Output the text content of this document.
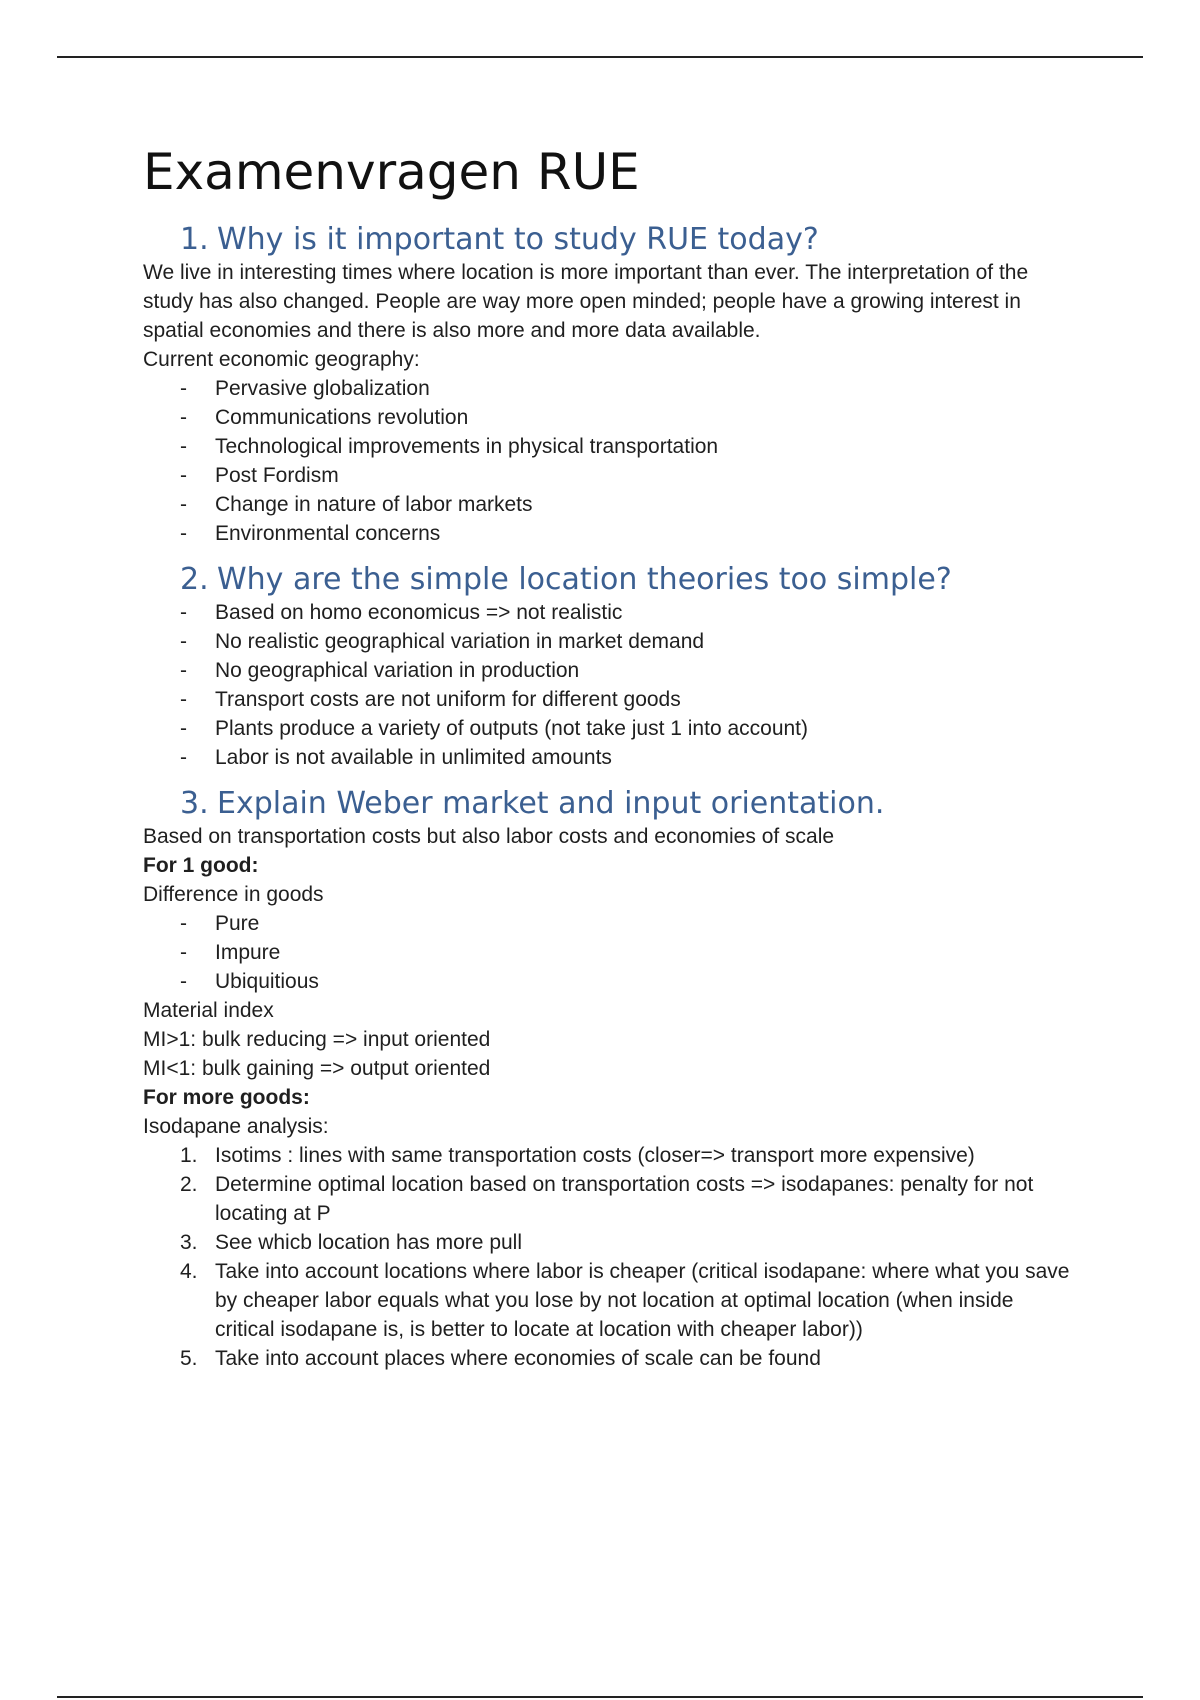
Examenvragen RUE
1. Why is it important to study RUE today?

We live in interesting times where location is more important than ever. The interpretation of the study has also changed. People are way more open minded; people have a growing interest in spatial economies and there is also more and more data available.

Current economic geography:

- Pervasive globalization
- Communications revolution
- Technological improvements in physical transportation
- Post Fordism
- Change in nature of labor markets
- Environmental concerns
2. Why are the simple location theories too simple?
- Based on homo economicus => not realistic
- No realistic geographical variation in market demand
- No geographical variation in production
- Transport costs are not uniform for different goods
- Plants produce a variety of outputs (not take just 1 into account)
- Labor is not available in unlimited amounts
3. Explain Weber market and input orientation.

Based on transportation costs but also labor costs and economies of scale

For 1 good:

Difference in goods

- Pure
- Impure
- Ubiquitious

Material index

MI>1: bulk reducing => input oriented

MI<1: bulk gaining => output oriented

For more goods:

Isodapane analysis:

1. Isotims : lines with same transportation costs (closer=> transport more expensive)
2. Determine optimal location based on transportation costs => isodapanes: penalty for not locating at P
3. See whicb location has more pull
4. Take into account locations where labor is cheaper (critical isodapane: where what you save by cheaper labor equals what you lose by not location at optimal location (when inside critical isodapane is, is better to locate at location with cheaper labor))
5. Take into account places where economies of scale can be found
